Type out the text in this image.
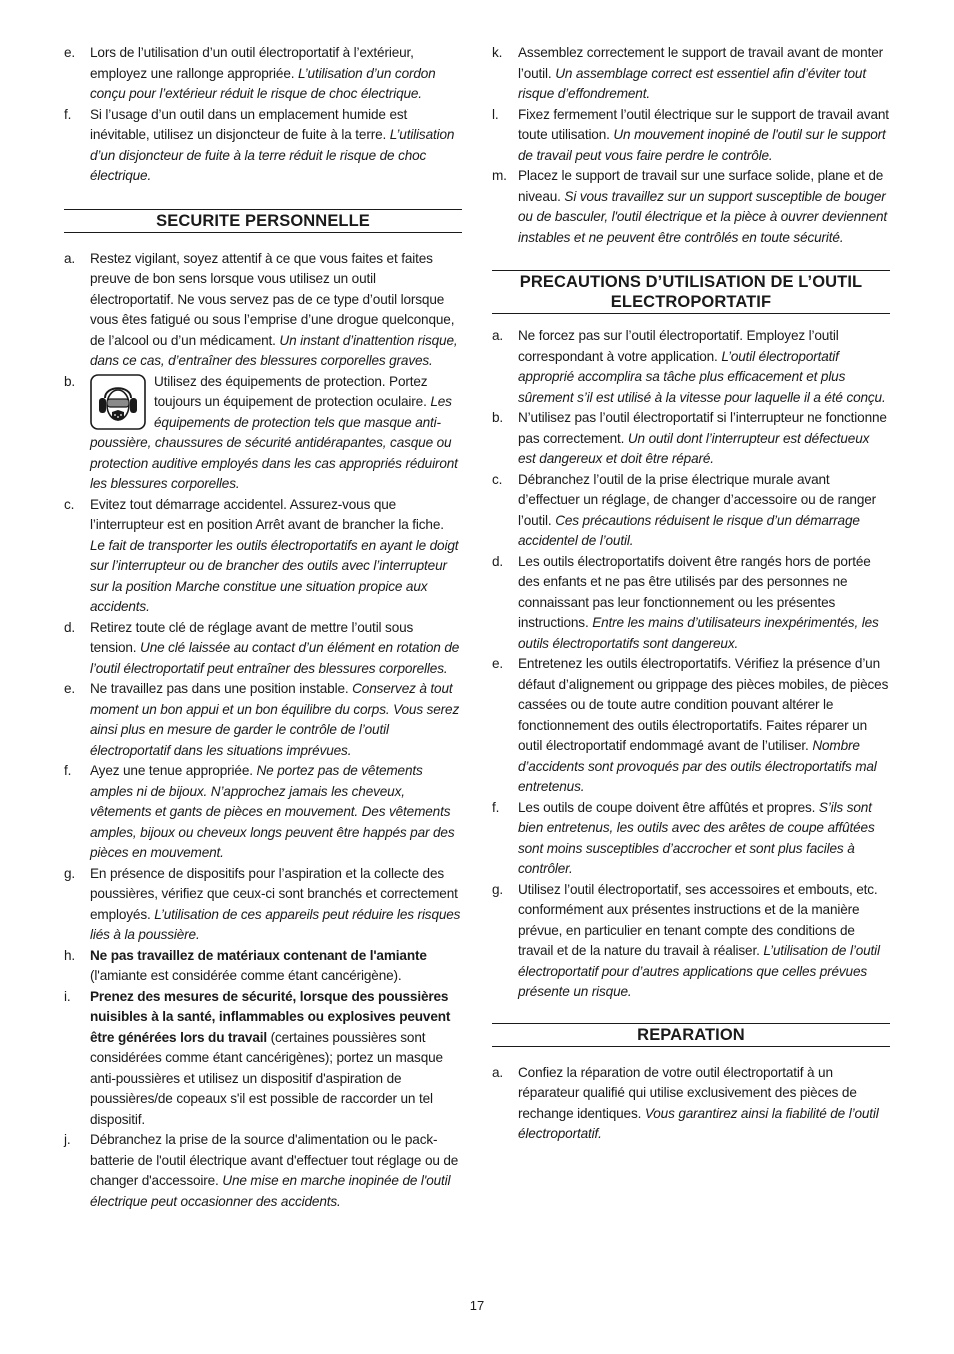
e. Lors de l’utilisation d’un outil électroportatif à l’extérieur, employez une rallonge appropriée. L’utilisation d’un cordon conçu pour l’extérieur réduit le risque de choc électrique.
f. Si l’usage d’un outil dans un emplacement humide est inévitable, utilisez un disjoncteur de fuite à la terre. L’utilisation d’un disjoncteur de fuite à la terre réduit le risque de choc électrique.
SECURITE PERSONNELLE
a. Restez vigilant, soyez attentif à ce que vous faites et faites preuve de bon sens lorsque vous utilisez un outil électroportatif. Ne vous servez pas de ce type d’outil lorsque vous êtes fatigué ou sous l’emprise d’une drogue quelconque, de l’alcool ou d’un médicament. Un instant d’inattention risque, dans ce cas, d’entraîner des blessures corporelles graves.
b.	Utilisez des équipements de protection. Portez toujours un équipement de protection oculaire. Les équipements de protection tels que masque anti-poussière, chaussures de sécurité antidérapantes, casque ou protection auditive employés dans les cas appropriés réduiront les blessures corporelles.
c. Evitez tout démarrage accidentel. Assurez-vous que l’interrupteur est en position Arrêt avant de brancher la fiche. Le fait de transporter les outils électroportatifs en ayant le doigt sur l’interrupteur ou de brancher des outils avec l’interrupteur sur la position Marche constitue une situation propice aux accidents.
d. Retirez toute clé de réglage avant de mettre l’outil sous tension. Une clé laissée au contact d’un élément en rotation de l’outil électroportatif peut entraîner des blessures corporelles.
e. Ne travaillez pas dans une position instable. Conservez à tout moment un bon appui et un bon équilibre du corps. Vous serez ainsi plus en mesure de garder le contrôle de l’outil électroportatif dans les situations imprévues.
f. Ayez une tenue appropriée. Ne portez pas de vêtements amples ni de bijoux. N’approchez jamais les cheveux, vêtements et gants de pièces en mouvement. Des vêtements amples, bijoux ou cheveux longs peuvent être happés par des pièces en mouvement.
g. En présence de dispositifs pour l’aspiration et la collecte des poussières, vérifiez que ceux-ci sont branchés et correctement employés. L’utilisation de ces appareils peut réduire les risques liés à la poussière.
h. Ne pas travaillez de matériaux contenant de l'amiante (l'amiante est considérée comme étant cancérigène).
i. Prenez des mesures de sécurité, lorsque des poussières nuisibles à la santé, inflammables ou explosives peuvent être générées lors du travail (certaines poussières sont considérées comme étant cancérigènes); portez un masque anti-poussières et utilisez un dispositif d'aspiration de poussières/de copeaux s'il est possible de raccorder un tel dispositif.
j. Débranchez la prise de la source d'alimentation ou le pack-batterie de l'outil électrique avant d'effectuer tout réglage ou de changer d'accessoire. Une mise en marche inopinée de l'outil électrique peut occasionner des accidents.
k. Assemblez correctement le support de travail avant de monter l’outil. Un assemblage correct est essentiel afin d’éviter tout risque d’effondrement.
l. Fixez fermement l’outil électrique sur le support de travail avant toute utilisation. Un mouvement inopiné de l'outil sur le support de travail peut vous faire perdre le contrôle.
m. Placez le support de travail sur une surface solide, plane et de niveau. Si vous travaillez sur un support susceptible de bouger ou de basculer, l'outil électrique et la pièce à ouvrer deviennent instables et ne peuvent être contrôlés en toute sécurité.
PRECAUTIONS D’UTILISATION DE L’OUTIL
ELECTROPORTATIF
a. Ne forcez pas sur l’outil électroportatif. Employez l’outil correspondant à votre application. L’outil électroportatif approprié accomplira sa tâche plus efficacement et plus sûrement s’il est utilisé à la vitesse pour laquelle il a été conçu.
b. N’utilisez pas l’outil électroportatif si l’interrupteur ne fonctionne pas correctement. Un outil dont l’interrupteur est défectueux est dangereux et doit être réparé.
c. Débranchez l’outil de la prise électrique murale avant d’effectuer un réglage, de changer d’accessoire ou de ranger l’outil. Ces précautions réduisent le risque d’un démarrage accidentel de l’outil.
d. Les outils électroportatifs doivent être rangés hors de portée des enfants et ne pas être utilisés par des personnes ne connaissant pas leur fonctionnement ou les présentes instructions. Entre les mains d’utilisateurs inexpérimentés, les outils électroportatifs sont dangereux.
e. Entretenez les outils électroportatifs. Vérifiez la présence d’un défaut d’alignement ou grippage des pièces mobiles, de pièces cassées ou de toute autre condition pouvant altérer le fonctionnement des outils électroportatifs. Faites réparer un outil électroportatif endommagé avant de l’utiliser. Nombre d’accidents sont provoqués par des outils électroportatifs mal entretenus.
f. Les outils de coupe doivent être affûtés et propres. S’ils sont bien entretenus, les outils avec des arêtes de coupe affûtées sont moins susceptibles d’accrocher et sont plus faciles à contrôler.
g. Utilisez l’outil électroportatif, ses accessoires et embouts, etc. conformément aux présentes instructions et de la manière prévue, en particulier en tenant compte des conditions de travail et de la nature du travail à réaliser. L’utilisation de l’outil électroportatif pour d’autres applications que celles prévues présente un risque.
REPARATION
a. Confiez la réparation de votre outil électroportatif à un réparateur qualifié qui utilise exclusivement des pièces de rechange identiques. Vous garantirez ainsi la fiabilité de l’outil électroportatif.
17
